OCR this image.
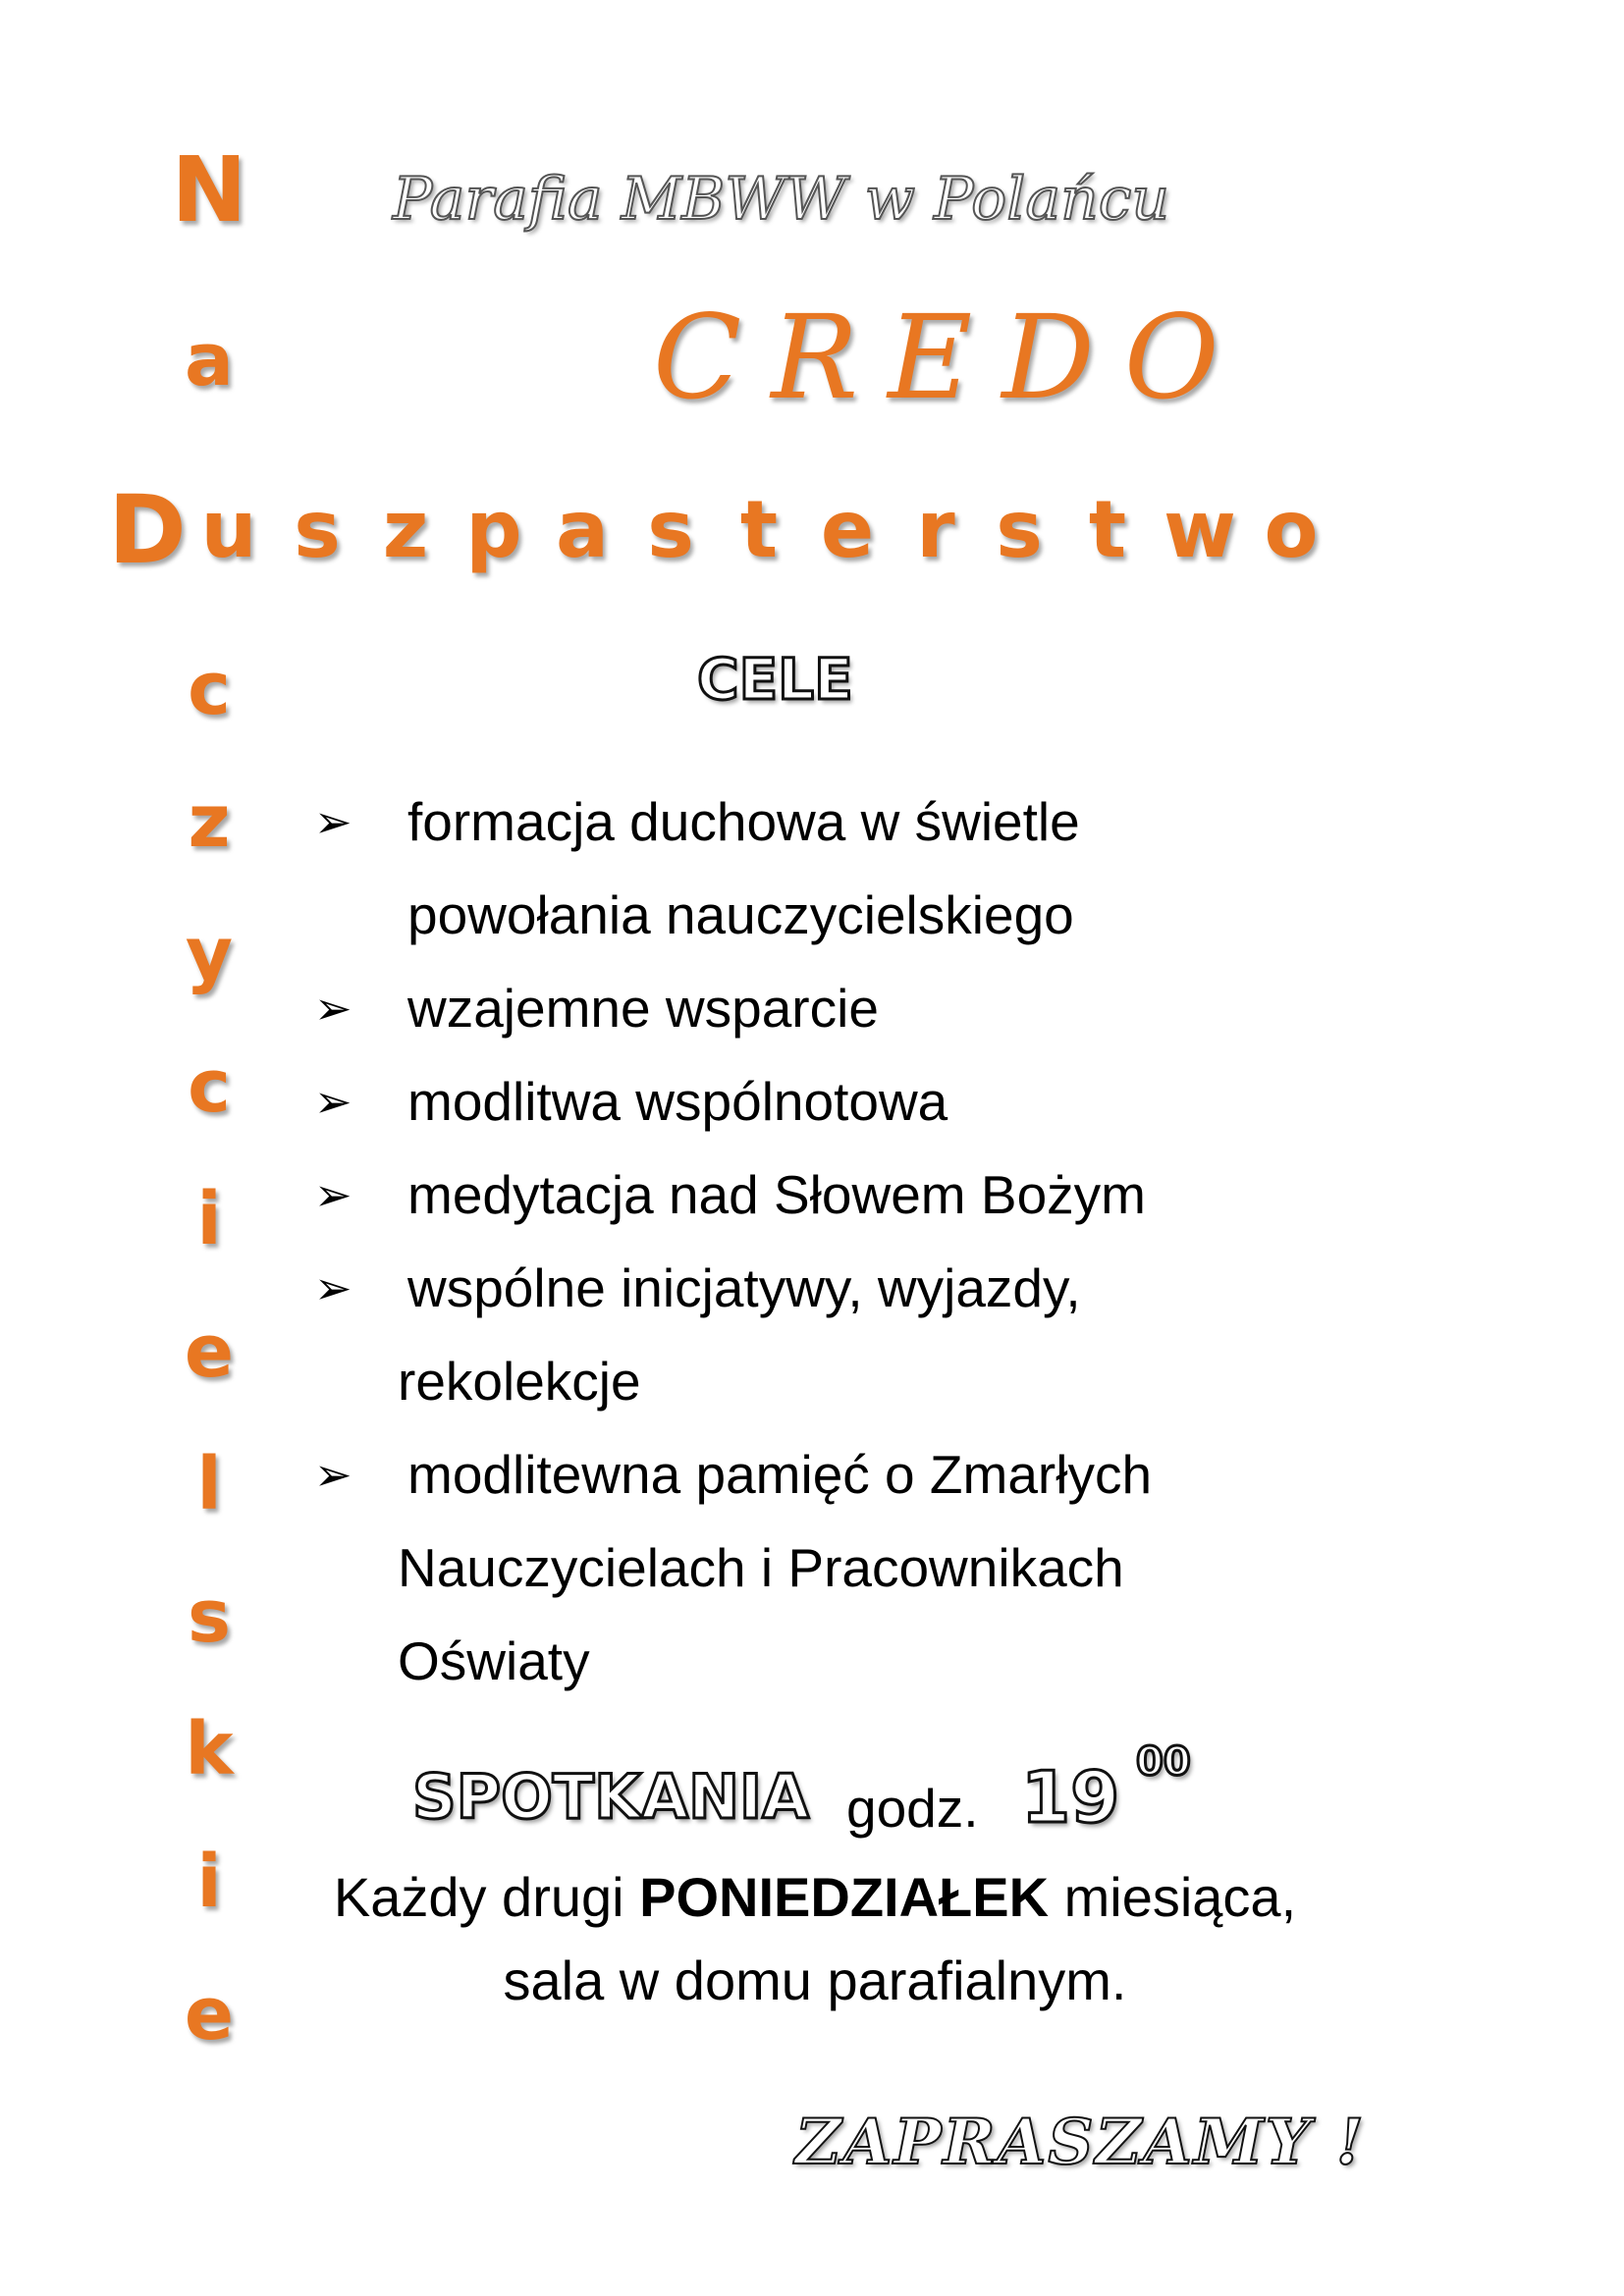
N
a
c
z
y
c
i
e
l
s
k
i
e
Parafia MBWW w Polańcu
CREDO
D u s z p a s t e r s t w o
CELE
➢	formacja duchowa w świetle
powołania nauczycielskiego
➢	wzajemne wsparcie
➢	modlitwa wspólnotowa
➢	medytacja nad Słowem Bożym
➢	wspólne inicjatywy, wyjazdy,
rekolekcje
➢	modlitewna pamięć o Zmarłych
Nauczycielach i Pracownikach
Oświaty
SPOTKANIA godz. 19 00
Każdy drugi PONIEDZIAŁEK miesiąca,
sala w domu parafialnym.
ZAPRASZAMY !
